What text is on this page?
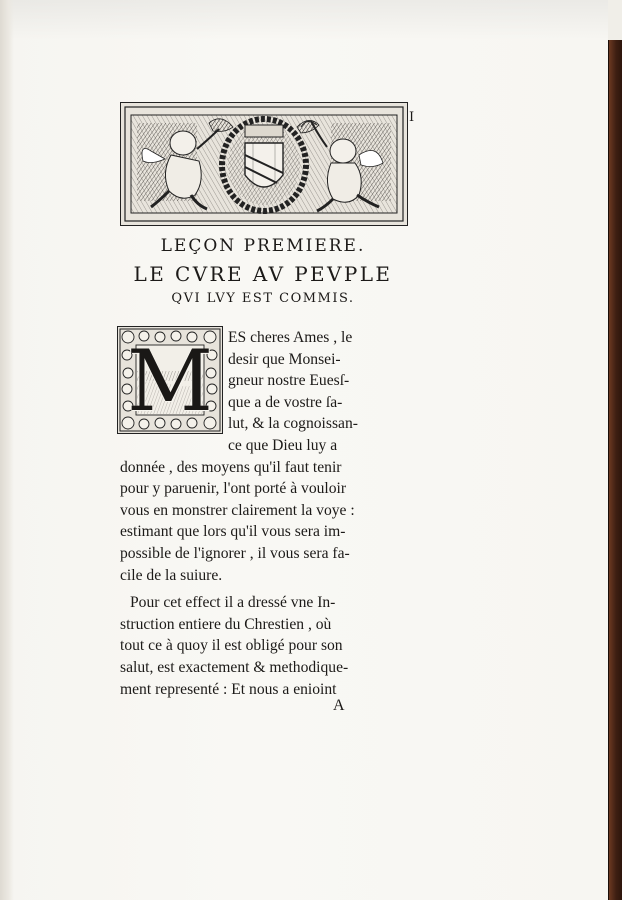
I
LEÇON PREMIERE.
LE CVRE AV PEVPLE
QVI LVY EST COMMIS.
M ES cheres Ames , le
desir que Monsei-
gneur nostre Euesſ-
que a de vostre ſa-
lut, & la cognoissan-
ce que Dieu luy a
donnée , des moyens qu'il faut tenir
pour y paruenir, l'ont porté à vouloir
vous en monstrer clairement la voye :
estimant que lors qu'il vous sera im-
possible de l'ignorer , il vous sera fa-
cile de la suiure.
Pour cet effect il a dressé vne In-
struction entiere du Chrestien , où
tout ce à quoy il est obligé pour son
salut, est exactement & methodique-
ment representé : Et nous a enioint
A
